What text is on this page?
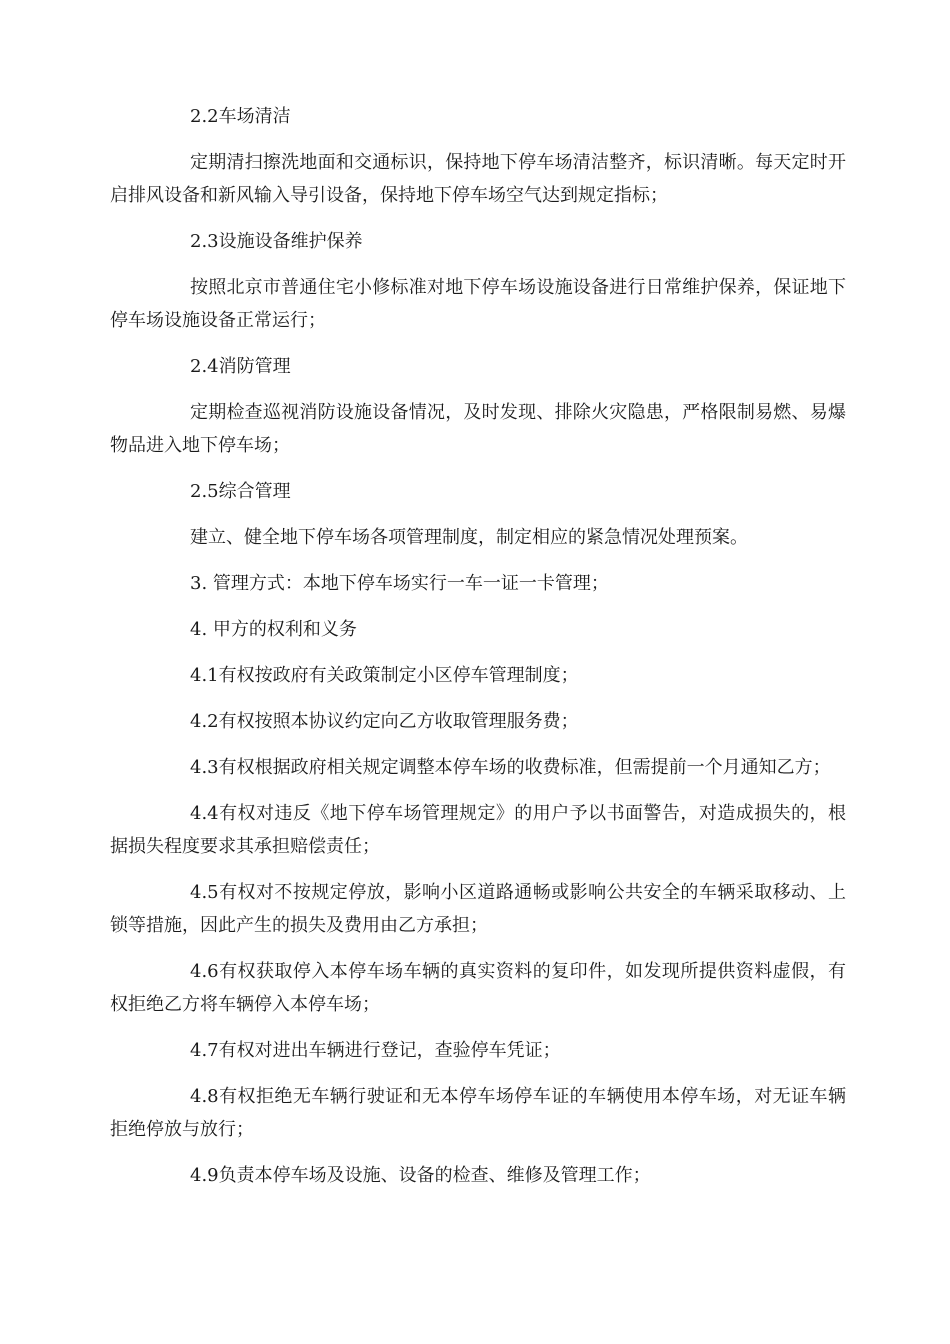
2.2车场清洁

定期清扫擦洗地面和交通标识，保持地下停车场清洁整齐，标识清晰。每天定时开启排风设备和新风输入导引设备，保持地下停车场空气达到规定指标；

2.3设施设备维护保养

按照北京市普通住宅小修标准对地下停车场设施设备进行日常维护保养，保证地下停车场设施设备正常运行；

2.4消防管理

定期检查巡视消防设施设备情况，及时发现、排除火灾隐患，严格限制易燃、易爆物品进入地下停车场；

2.5综合管理

建立、健全地下停车场各项管理制度，制定相应的紧急情况处理预案。

3. 管理方式：本地下停车场实行一车一证一卡管理；

4. 甲方的权利和义务

4.1有权按政府有关政策制定小区停车管理制度；

4.2有权按照本协议约定向乙方收取管理服务费；

4.3有权根据政府相关规定调整本停车场的收费标准，但需提前一个月通知乙方；

4.4有权对违反《地下停车场管理规定》的用户予以书面警告，对造成损失的，根据损失程度要求其承担赔偿责任；

4.5有权对不按规定停放，影响小区道路通畅或影响公共安全的车辆采取移动、上锁等措施，因此产生的损失及费用由乙方承担；

4.6有权获取停入本停车场车辆的真实资料的复印件，如发现所提供资料虚假，有权拒绝乙方将车辆停入本停车场；

4.7有权对进出车辆进行登记，查验停车凭证；

4.8有权拒绝无车辆行驶证和无本停车场停车证的车辆使用本停车场，对无证车辆拒绝停放与放行；

4.9负责本停车场及设施、设备的检查、维修及管理工作；
